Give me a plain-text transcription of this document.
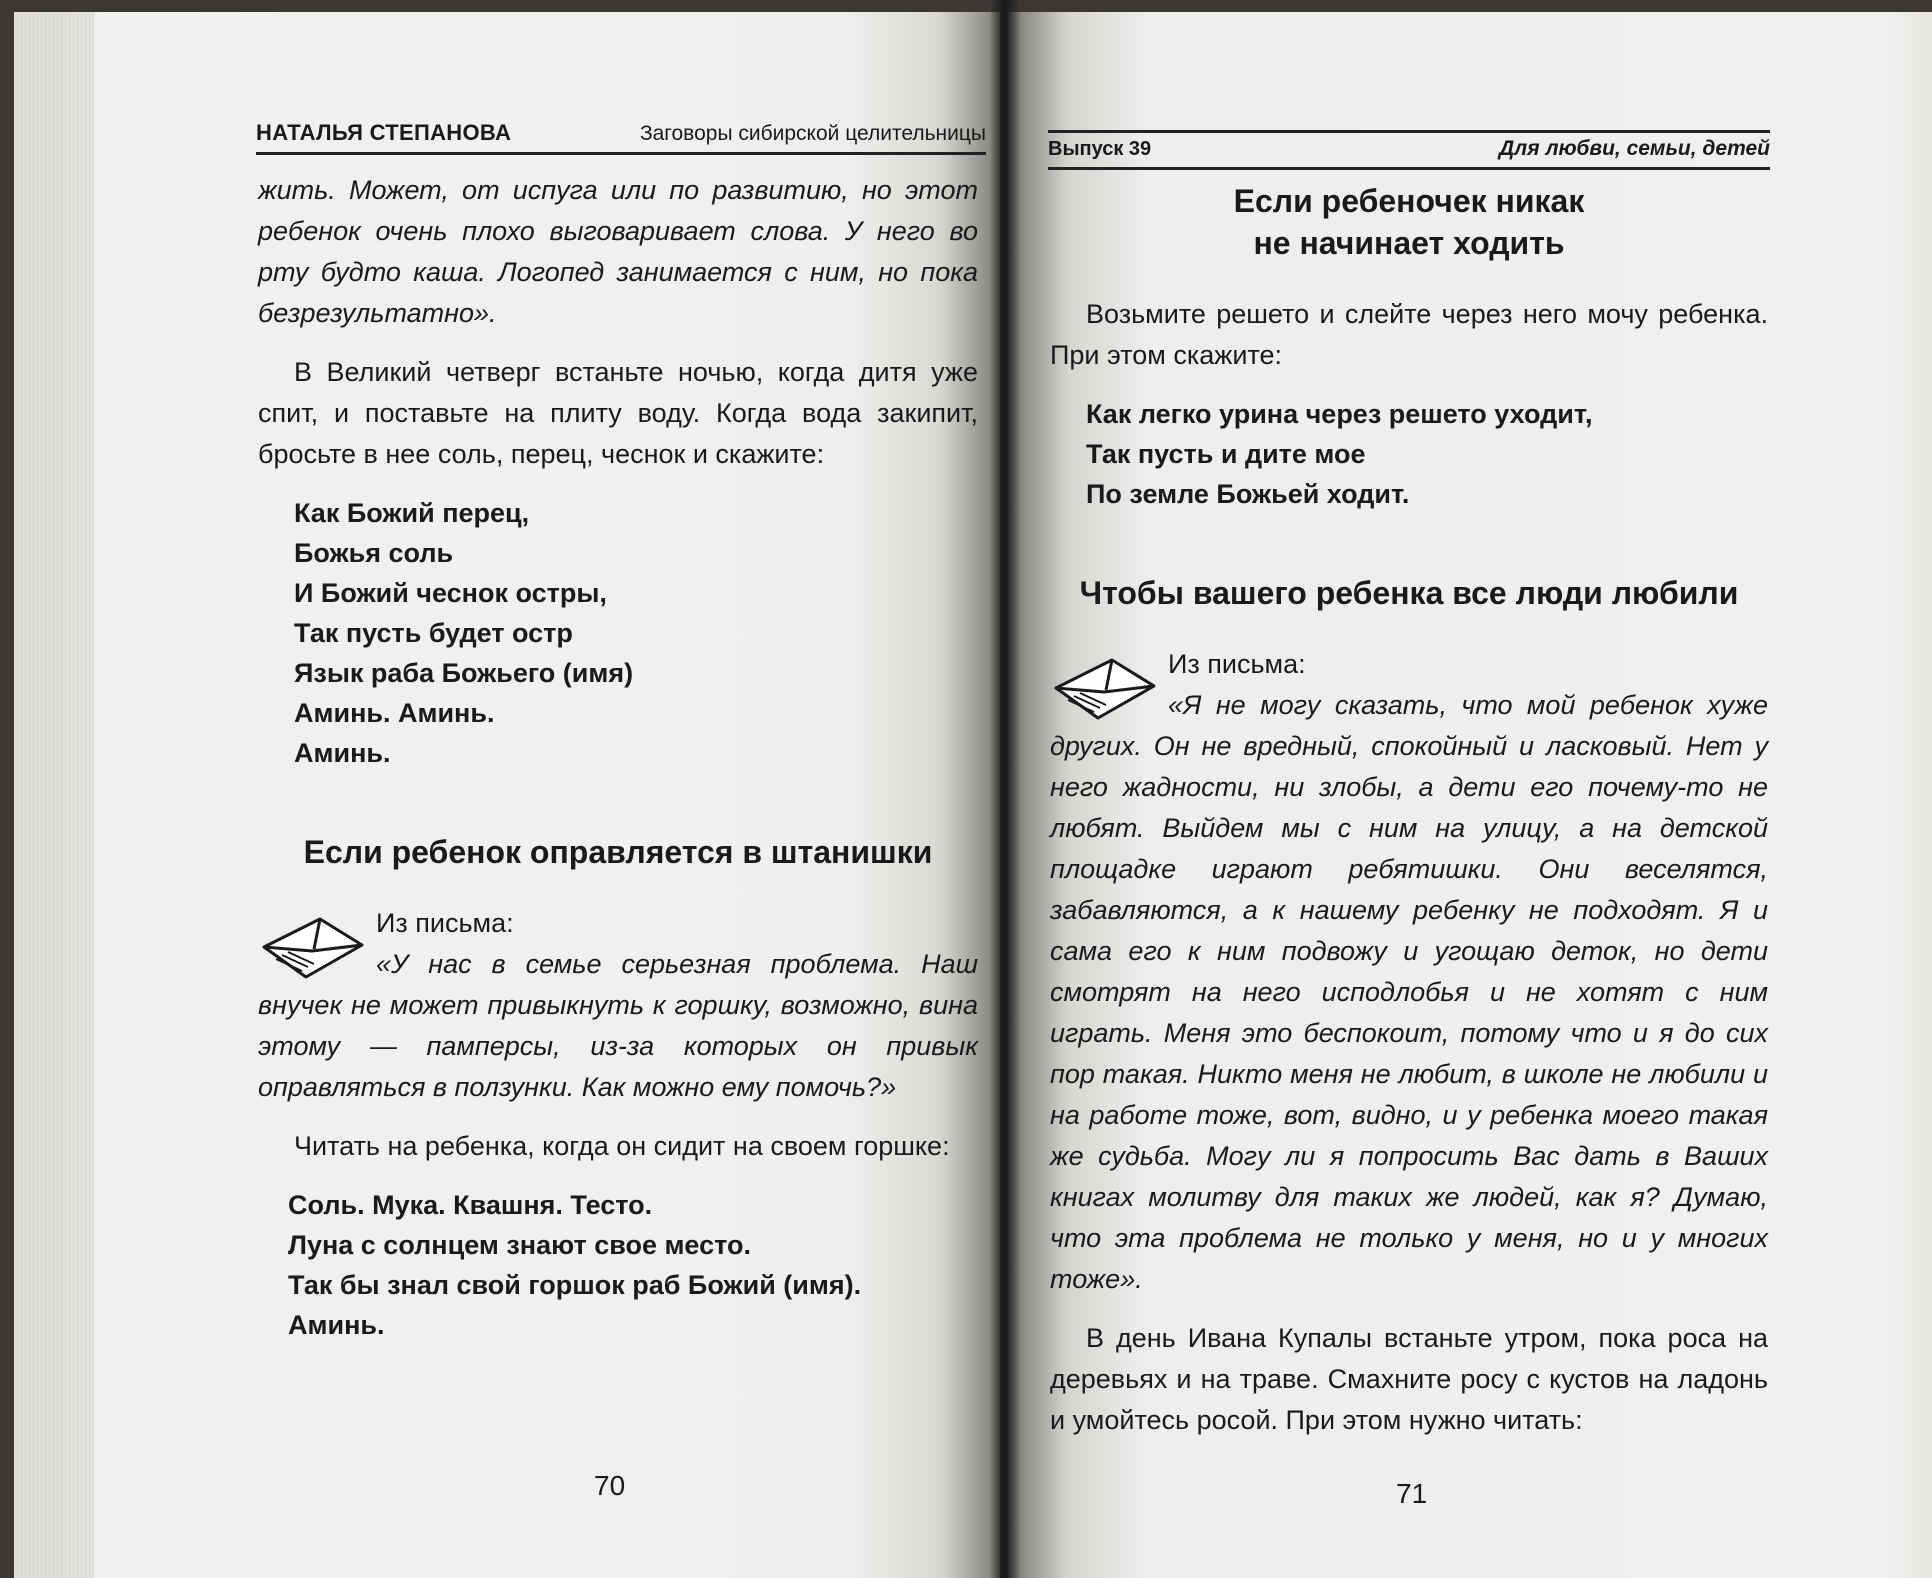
НАТАЛЬЯ СТЕПАНОВА	Заговоры сибирской целительницы

жить. Может, от испуга или по развитию, но этот ребенок очень плохо выговаривает слова. У него во рту будто каша. Логопед занимается с ним, но пока безрезультатно».

В Великий четверг встаньте ночью, когда дитя уже спит, и поставьте на плиту воду. Когда вода закипит, бросьте в нее соль, перец, чеснок и скажите:

Как Божий перец,
Божья соль
И Божий чеснок остры,
Так пусть будет остр
Язык раба Божьего (имя)
Аминь. Аминь.
Аминь.
Если ребенок оправляется в штанишки
Из письма:

«У нас в семье серьезная проблема. Наш внучек не может привыкнуть к горшку, возможно, вина этому — памперсы, из-за которых он привык оправляться в ползунки. Как можно ему помочь?»

Читать на ребенка, когда он сидит на своем горшке:

Соль. Мука. Квашня. Тесто.
Луна с солнцем знают свое место.
Так бы знал свой горшок раб Божий (имя).
Аминь.
70
Выпуск 39	Для любви, семьи, детей
Если ребеночек никак
не начинает ходить

Возьмите решето и слейте через него мочу ребенка. При этом скажите:

Как легко урина через решето уходит,
Так пусть и дите мое
По земле Божьей ходит.
Чтобы вашего ребенка все люди любили
Из письма:

«Я не могу сказать, что мой ребенок хуже других. Он не вредный, спокойный и ласковый. Нет у него жадности, ни злобы, а дети его почему-то не любят. Выйдем мы с ним на улицу, а на детской площадке играют ребятишки. Они веселятся, забавляются, а к нашему ребенку не подходят. Я и сама его к ним подвожу и угощаю деток, но дети смотрят на него исподлобья и не хотят с ним играть. Меня это беспокоит, потому что и я до сих пор такая. Никто меня не любит, в школе не любили и на работе тоже, вот, видно, и у ребенка моего такая же судьба. Могу ли я попросить Вас дать в Ваших книгах молитву для таких же людей, как я? Думаю, что эта проблема не только у меня, но и у многих тоже».

В день Ивана Купалы встаньте утром, пока роса на деревьях и на траве. Смахните росу с кустов на ладонь и умойтесь росой. При этом нужно читать:

71
